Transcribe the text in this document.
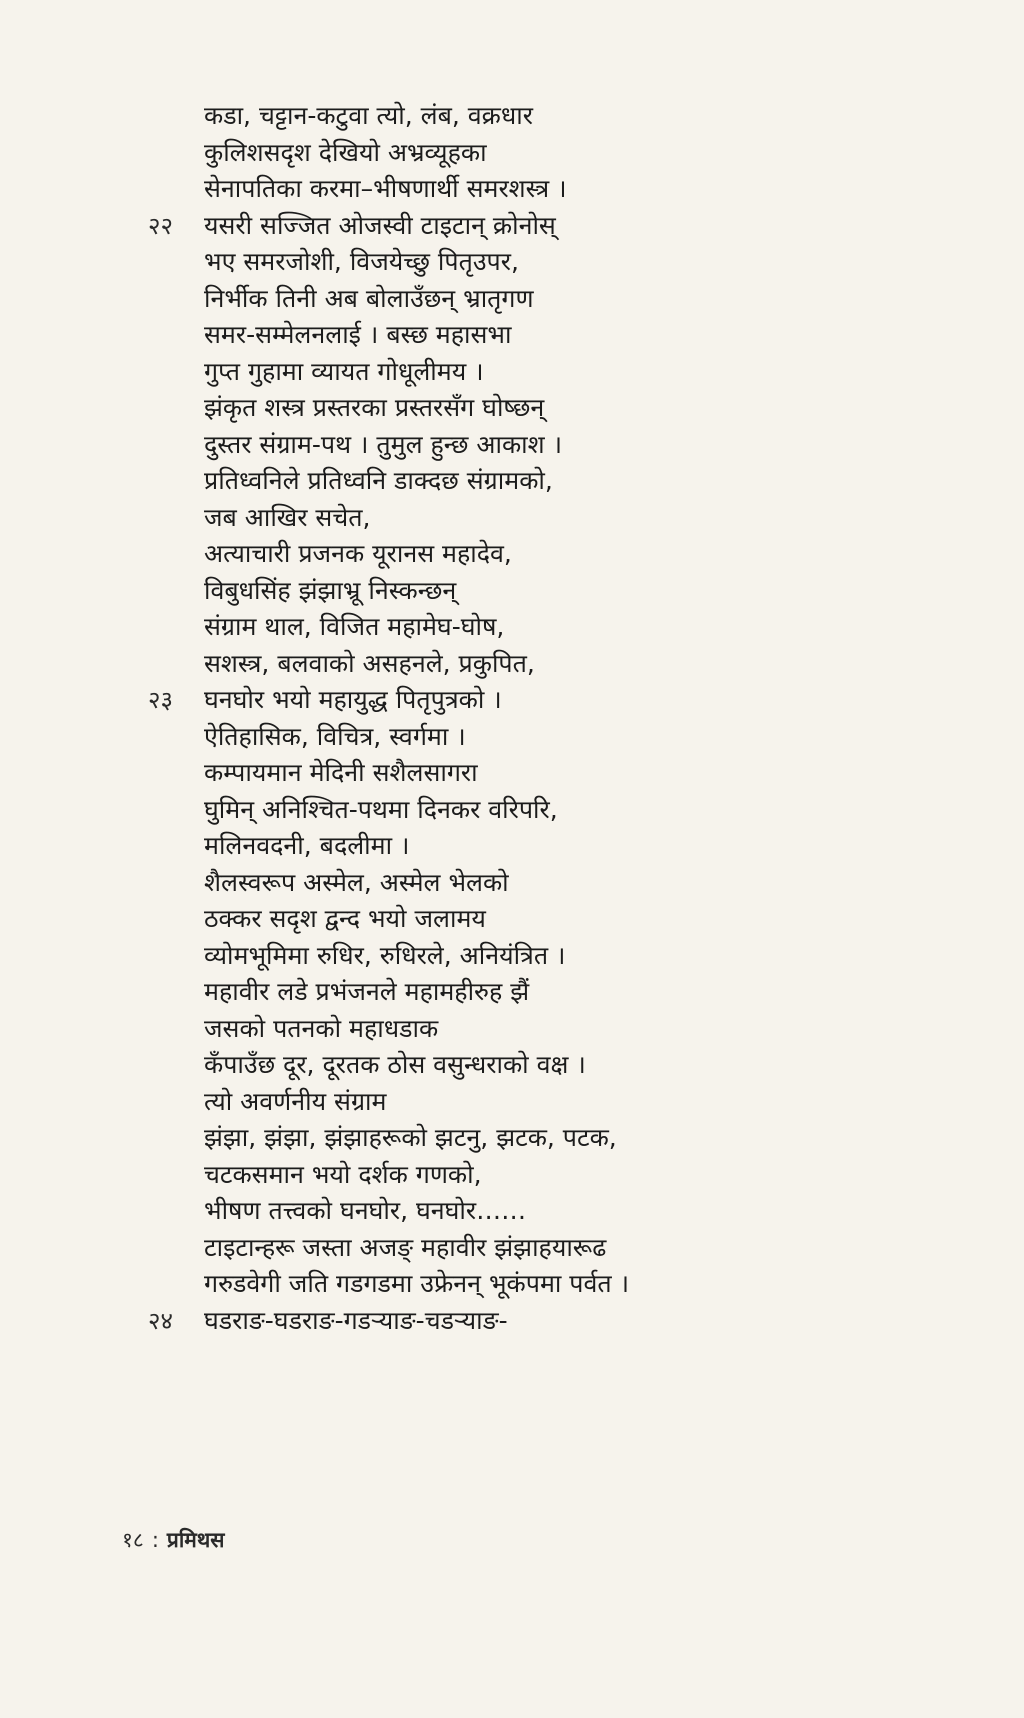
कडा, चट्टान-कटुवा त्यो, लंब, वक्रधार
कुलिशसदृश देखियो अभ्रव्यूहका
सेनापतिका करमा–भीषणार्थी समरशस्त्र ।
२२	यसरी सज्जित ओजस्वी टाइटान् क्रोनोस्
भए समरजोशी, विजयेच्छु पितृउपर,
निर्भीक तिनी अब बोलाउँछन् भ्रातृगण
समर-सम्मेलनलाई । बस्छ महासभा
गुप्त गुहामा व्यायत गोधूलीमय ।
झंकृत शस्त्र प्रस्तरका प्रस्तरसँग घोष्छन्
दुस्तर संग्राम-पथ । तुमुल हुन्छ आकाश ।
प्रतिध्वनिले प्रतिध्वनि डाक्दछ संग्रामको,
जब आखिर सचेत,
अत्याचारी प्रजनक यूरानस महादेव,
विबुधसिंह झंझाभ्रू निस्कन्छन्
संग्राम थाल, विजित महामेघ-घोष,
सशस्त्र, बलवाको असहनले, प्रकुपित,
२३	घनघोर भयो महायुद्ध पितृपुत्रको ।
ऐतिहासिक, विचित्र, स्वर्गमा ।
कम्पायमान मेदिनी सशैलसागरा
घुमिन् अनिश्चित-पथमा दिनकर वरिपरि,
मलिनवदनी, बदलीमा ।
शैलस्वरूप अस्मेल, अस्मेल भेलको
ठक्कर सदृश द्वन्द भयो जलामय
व्योमभूमिमा रुधिर, रुधिरले, अनियंत्रित ।
महावीर लडे प्रभंजनले महामहीरुह झैं
जसको पतनको महाधडाक
कँपाउँछ दूर, दूरतक ठोस वसुन्धराको वक्ष ।
त्यो अवर्णनीय संग्राम
झंझा, झंझा, झंझाहरूको झटनु, झटक, पटक,
चटकसमान भयो दर्शक गणको,
भीषण तत्त्वको घनघोर, घनघोर……
टाइटान्हरू जस्ता अजङ् महावीर झंझाहयारूढ
गरुडवेगी जति गडगडमा उफ्रेनन् भूकंपमा पर्वत ।
२४	घडराङ-घडराङ-गडऱ्याङ-चडऱ्याङ-
१८ : प्रमिथस
